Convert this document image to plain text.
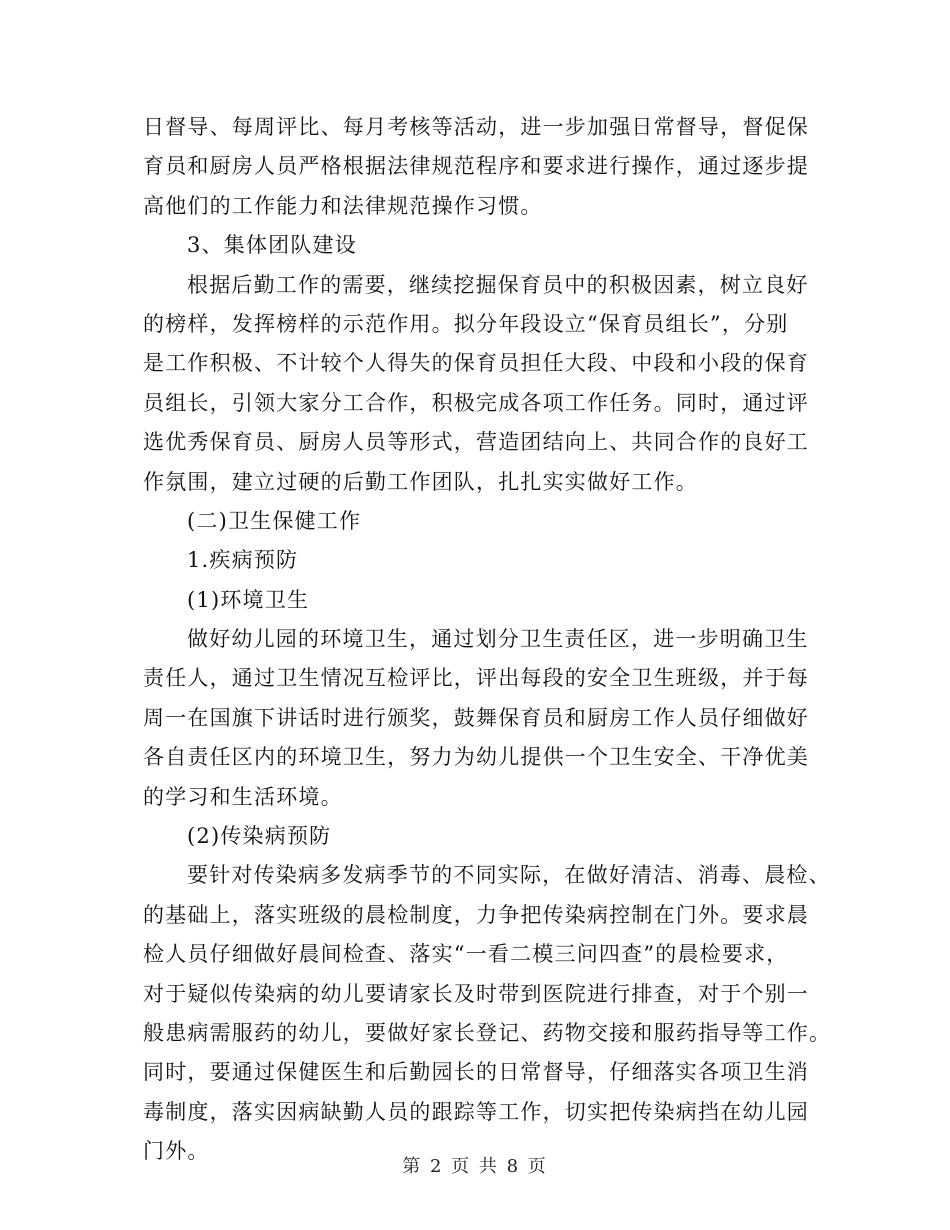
日督导、每周评比、每月考核等活动，进一步加强日常督导，督促保
育员和厨房人员严格根据法律规范程序和要求进行操作，通过逐步提
高他们的工作能力和法律规范操作习惯。
3、集体团队建设
根据后勤工作的需要，继续挖掘保育员中的积极因素，树立良好
的榜样，发挥榜样的示范作用。拟分年段设立“保育员组长”，分别
是工作积极、不计较个人得失的保育员担任大段、中段和小段的保育
员组长，引领大家分工合作，积极完成各项工作任务。同时，通过评
选优秀保育员、厨房人员等形式，营造团结向上、共同合作的良好工
作氛围，建立过硬的后勤工作团队，扎扎实实做好工作。
(二)卫生保健工作
1.疾病预防
(1)环境卫生
做好幼儿园的环境卫生，通过划分卫生责任区，进一步明确卫生
责任人，通过卫生情况互检评比，评出每段的安全卫生班级，并于每
周一在国旗下讲话时进行颁奖，鼓舞保育员和厨房工作人员仔细做好
各自责任区内的环境卫生，努力为幼儿提供一个卫生安全、干净优美
的学习和生活环境。
(2)传染病预防
要针对传染病多发病季节的不同实际，在做好清洁、消毒、晨检、
的基础上，落实班级的晨检制度，力争把传染病控制在门外。要求晨
检人员仔细做好晨间检查、落实“一看二模三问四查”的晨检要求，
对于疑似传染病的幼儿要请家长及时带到医院进行排查，对于个别一
般患病需服药的幼儿，要做好家长登记、药物交接和服药指导等工作。
同时，要通过保健医生和后勤园长的日常督导，仔细落实各项卫生消
毒制度，落实因病缺勤人员的跟踪等工作，切实把传染病挡在幼儿园
门外。
第 2 页 共 8 页
